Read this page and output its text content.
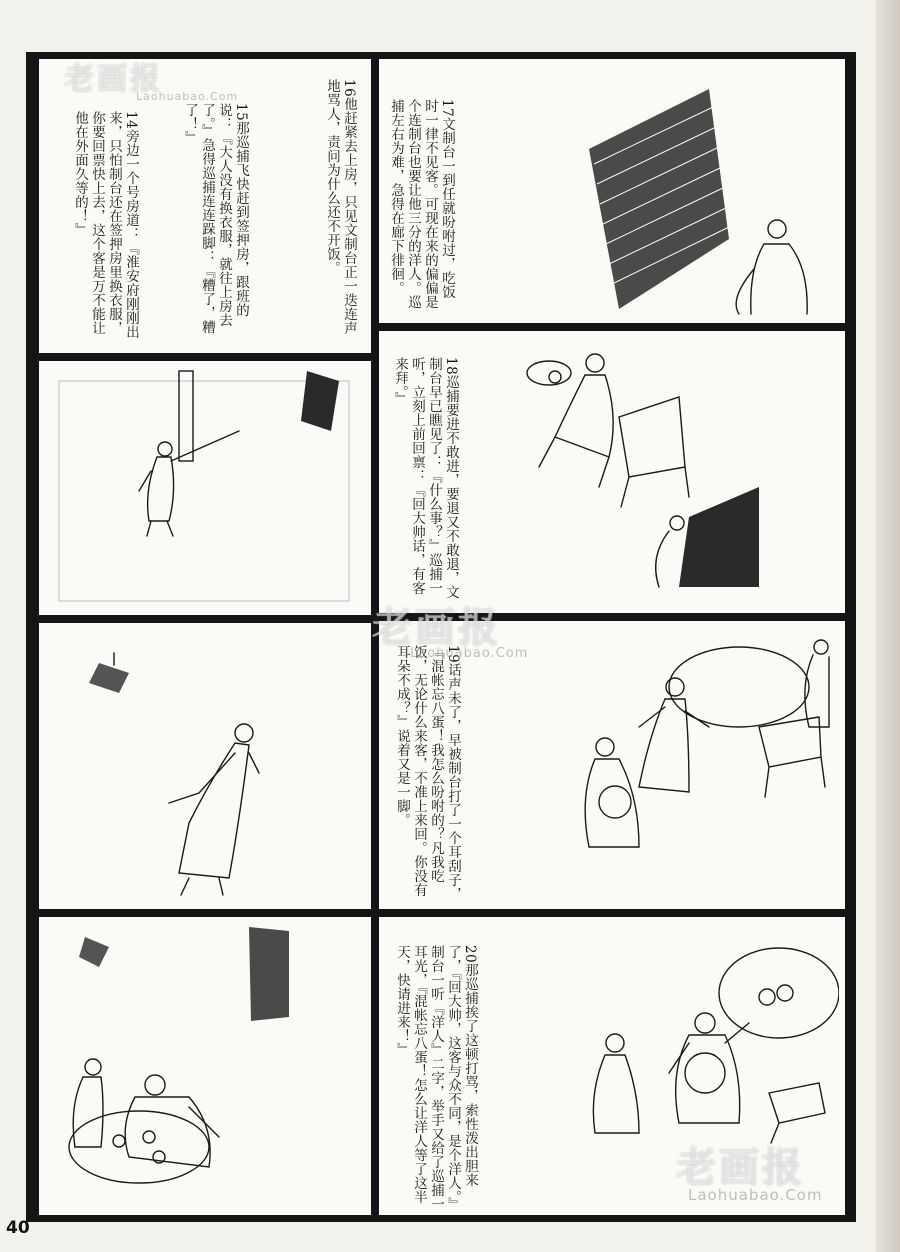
16他赶紧去上房，只见文制台正一迭连声地骂人，责问为什么还不开饭。
15那巡捕飞快赶到签押房，跟班的说：『大人没有换衣服，就往上房去了。』急得巡捕连连跺脚：『糟了，糟了！』
14旁边一个号房道：『淮安府刚刚出来，只怕制台还在签押房里换衣服，你要回票快上去，这个客是万不能让他在外面久等的！』	17文制台一到任就吩咐过，吃饭时一律不见客。可现在来的偏偏是个连制台也要让他三分的洋人。巡捕左右为难，急得在廊下徘徊。
18巡捕要进不敢进，要退又不敢退，文制台早已瞧见了：『什么事？』巡捕一听，立刻上前回禀：『回大帅话，有客来拜。』
19话声未了，早被制台打了一个耳刮子，『混帐忘八蛋！我怎么吩咐的？凡我吃饭，无论什么来客，不准上来回。你没有耳朵不成？』说着又是一脚。
20那巡捕挨了这顿打骂，索性泼出胆来了，『回大帅，这客与众不同，是个洋人。』制台一听『洋人』二字，举手又给了巡捕一耳光，『混帐忘八蛋！怎么让洋人等了这半天，快请进来！』
老画报
Laohuabao.Com
老画报
Laohuabao.Com
老画报
Laohuabao.Com
40
